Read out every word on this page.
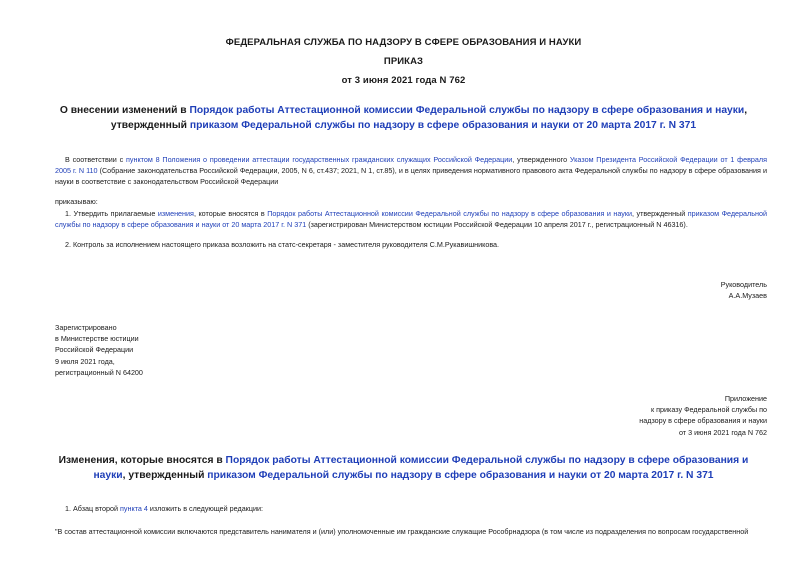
ФЕДЕРАЛЬНАЯ СЛУЖБА ПО НАДЗОРУ В СФЕРЕ ОБРАЗОВАНИЯ И НАУКИ
ПРИКАЗ
от 3 июня 2021 года N 762
О внесении изменений в Порядок работы Аттестационной комиссии Федеральной службы по надзору в сфере образования и науки, утвержденный приказом Федеральной службы по надзору в сфере образования и науки от 20 марта 2017 г. N 371
В соответствии с пунктом 8 Положения о проведении аттестации государственных гражданских служащих Российской Федерации, утвержденного Указом Президента Российской Федерации от 1 февраля 2005 г. N 110 (Собрание законодательства Российской Федерации, 2005, N 6, ст.437; 2021, N 1, ст.85), и в целях приведения нормативного правового акта Федеральной службы по надзору в сфере образования и науки в соответствие с законодательством Российской Федерации
приказываю:
1. Утвердить прилагаемые изменения, которые вносятся в Порядок работы Аттестационной комиссии Федеральной службы по надзору в сфере образования и науки, утвержденный приказом Федеральной службы по надзору в сфере образования и науки от 20 марта 2017 г. N 371 (зарегистрирован Министерством юстиции Российской Федерации 10 апреля 2017 г., регистрационный N 46316).
2. Контроль за исполнением настоящего приказа возложить на статс-секретаря - заместителя руководителя С.М.Рукавишникова.
Руководитель
А.А.Музаев
Зарегистрировано
в Министерстве юстиции
Российской Федерации
9 июля 2021 года,
регистрационный N 64200
Приложение
к приказу Федеральной службы по
надзору в сфере образования и науки
от 3 июня 2021 года N 762
Изменения, которые вносятся в Порядок работы Аттестационной комиссии Федеральной службы по надзору в сфере образования и науки, утвержденный приказом Федеральной службы по надзору в сфере образования и науки от 20 марта 2017 г. N 371
1. Абзац второй пункта 4 изложить в следующей редакции:
"В состав аттестационной комиссии включаются представитель нанимателя и (или) уполномоченные им гражданские служащие Рособрнадзора (в том числе из подразделения по вопросам государственной
